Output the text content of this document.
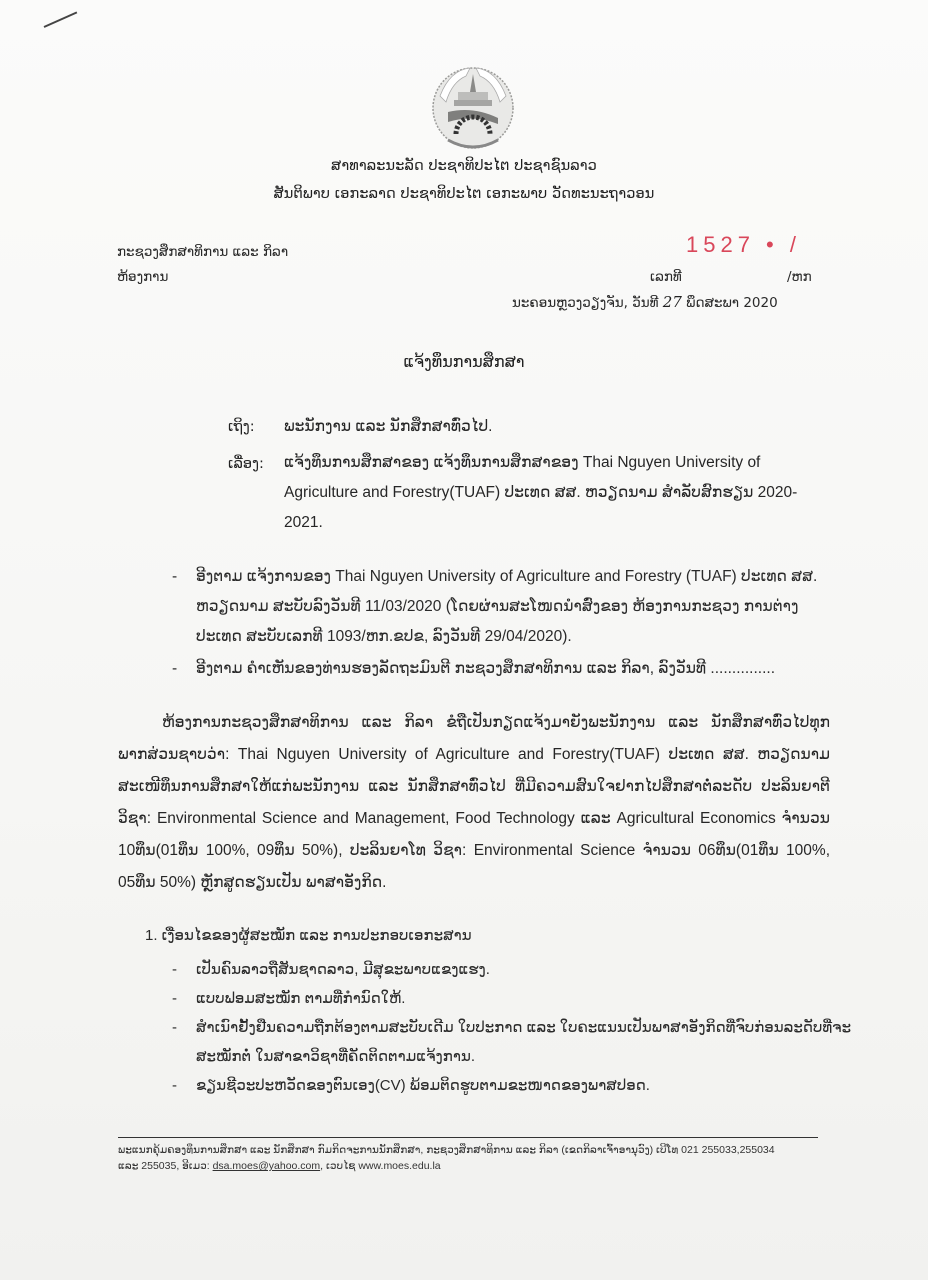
ສາທາລະນະລັດ ປະຊາທິປະໄຕ ປະຊາຊົນລາວ
ສັນຕິພາບ ເອກະລາດ ປະຊາທິປະໄຕ ເອກະພາບ ວັດທະນະຖາວອນ
ກະຊວງສຶກສາທິການ ແລະ ກິລາ
ຫ້ອງການ
1527 • /
ເລກທີ	/ຫກ
ນະຄອນຫຼວງວຽງຈັນ, ວັນທີ 27 ພຶດສະພາ 2020
ແຈ້ງທຶນການສຶກສາ
ເຖິງ: ພະນັກງານ ແລະ ນັກສຶກສາທົ່ວໄປ.
ເລື່ອງ: ແຈ້ງທຶນການສຶກສາຂອງ ແຈ້ງທຶນການສຶກສາຂອງ Thai Nguyen University of Agriculture and Forestry(TUAF) ປະເທດ ສສ. ຫວຽດນາມ ສຳລັບສົກຮຽນ 2020-2021.
- ອີງຕາມ ແຈ້ງການຂອງ Thai Nguyen University of Agriculture and Forestry (TUAF) ປະເທດ ສສ. ຫວຽດນາມ ສະບັບລົງວັນທີ 11/03/2020 (ໂດຍຜ່ານສະໂໜດນຳສົ່ງຂອງ ຫ້ອງການກະຊວງ ການຕ່າງປະເທດ ສະບັບເລກທີ 1093/ຫກ.ຂປຂ, ລົງວັນທີ 29/04/2020).
- ອີງຕາມ ຄຳເຫັນຂອງທ່ານຮອງລັດຖະມົນຕີ ກະຊວງສຶກສາທິການ ແລະ ກິລາ, ລົງວັນທີ ...............
ຫ້ອງການກະຊວງສຶກສາທິການ ແລະ ກິລາ ຂໍຖືເປັນກຽດແຈ້ງມາຍັງພະນັກງານ ແລະ ນັກສຶກສາທົ່ວໄປທຸກພາກສ່ວນຊາບວ່າ: Thai Nguyen University of Agriculture and Forestry(TUAF) ປະເທດ ສສ. ຫວຽດນາມ ສະເໜີທຶນການສຶກສາໃຫ້ແກ່ພະນັກງານ ແລະ ນັກສຶກສາທົ່ວໄປ ທີ່ມີຄວາມສົນໃຈຢາກໄປສຶກສາຕໍ່ລະດັບ ປະລິນຍາຕີ ວິຊາ: Environmental Science and Management, Food Technology ແລະ Agricultural Economics ຈຳນວນ 10ທຶນ(01ທຶນ 100%, 09ທຶນ 50%), ປະລິນຍາໂທ ວິຊາ: Environmental Science ຈຳນວນ 06ທຶນ(01ທຶນ 100%, 05ທຶນ 50%) ຫຼັກສູດຮຽນເປັນ ພາສາອັງກິດ.
1. ເງື່ອນໄຂຂອງຜູ້ສະໝັກ ແລະ ການປະກອບເອກະສານ
- ເປັນຄົນລາວຖືສັນຊາດລາວ, ມີສຸຂະພາບແຂງແຮງ.
- ແບບຟອມສະໝັກ ຕາມທີ່ກຳນົດໃຫ້.
- ສຳເນົາຢັ້ງຢືນຄວາມຖືກຕ້ອງຕາມສະບັບເດີມ ໃບປະກາດ ແລະ ໃບຄະແນນເປັນພາສາອັງກິດທີ່ຈົບກ່ອນລະດັບທີ່ຈະສະໝັກຕໍ່ ໃນສາຂາວິຊາທີ່ຄັດຕິດຕາມແຈ້ງການ.
- ຂຽນຊີວະປະຫວັດຂອງຕົນເອງ(CV) ພ້ອມຕິດຮູບຕາມຂະໜາດຂອງພາສປອດ.
ພະແນກຄຸ້ມຄອງທຶນການສຶກສາ ແລະ ນັກສຶກສາ ກົມກິດຈະການນັກສຶກສາ, ກະຊວງສຶກສາທິການ ແລະ ກິລາ (ເຂດກິລາເຈົ້າອານຸວົງ) ເບີໂທ 021 255033,255034
ແລະ 255035, ອີເມວ: dsa.moes@yahoo.com, ເວບໄຊ www.moes.edu.la
